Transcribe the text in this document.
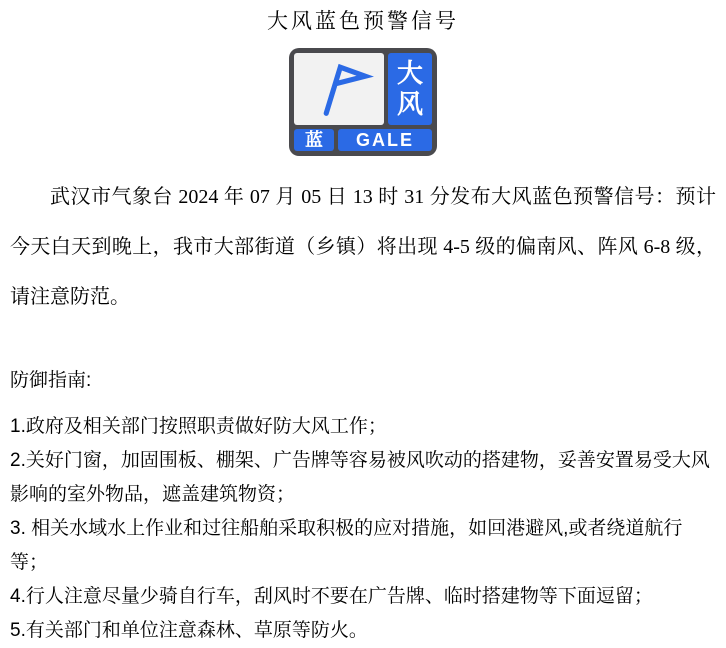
大风蓝色预警信号
大
风
蓝	GALE

武汉市气象台 2024 年 07 月 05 日 13 时 31 分发布大风蓝色预警信号：预计今天白天到晚上，我市大部街道（乡镇）将出现 4-5 级的偏南风、阵风 6-8 级，请注意防范。

防御指南:

1.政府及相关部门按照职责做好防大风工作；

2.关好门窗，加固围板、棚架、广告牌等容易被风吹动的搭建物，妥善安置易受大风影响的室外物品，遮盖建筑物资；

3. 相关水域水上作业和过往船舶采取积极的应对措施，如回港避风,或者绕道航行等；

4.行人注意尽量少骑自行车，刮风时不要在广告牌、临时搭建物等下面逗留；

5.有关部门和单位注意森林、草原等防火。
